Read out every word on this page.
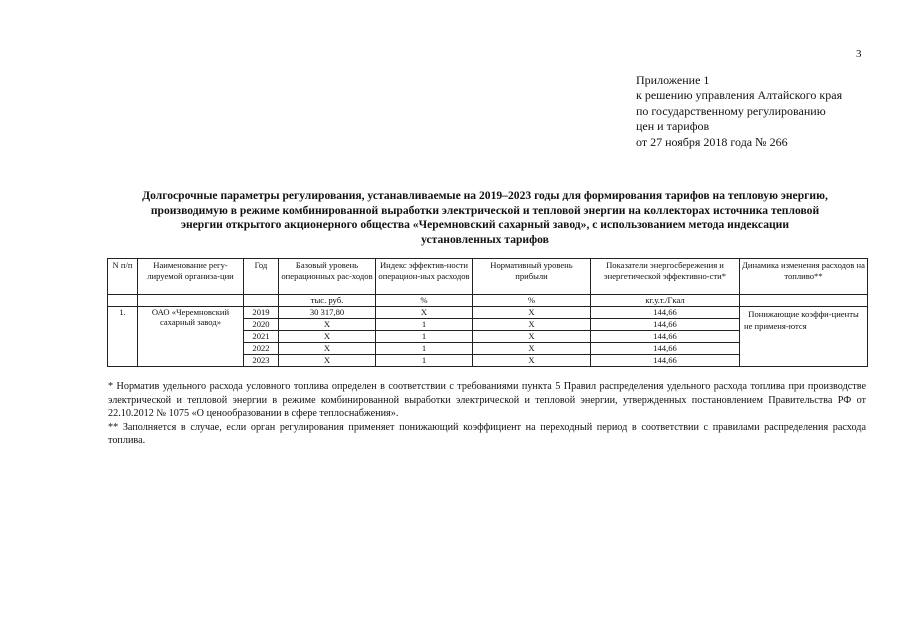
3
Приложение 1
к решению управления Алтайского края
по государственному регулированию
цен и тарифов
от 27 ноября 2018 года № 266
Долгосрочные параметры регулирования, устанавливаемые на 2019–2023 годы для формирования тарифов на тепловую энергию,
производимую в режиме комбинированной выработки электрической и тепловой энергии на коллекторах источника тепловой
энергии открытого акционерного общества «Черемновский сахарный завод», с использованием метода индексации
установленных тарифов
N п/п	Наименование регу-лируемой организа-ции	Год	Базовый уровень операционных рас-ходов	Индекс эффектив-ности операцион-ных расходов	Нормативный уровень прибыли	Показатели энергосбережения и энергетической эффективно-сти*	Динамика изменения расходов на топливо**
			тыс. руб.	%	%	кг.у.т./Гкал	
1.	ОАО «Черемновский сахарный завод»	2019	30 317,80	X	X	144,66	Понижающие коэффи-циенты не применя-ются
		2020	X	1	X	144,66	
		2021	X	1	X	144,66	
		2022	X	1	X	144,66	
		2023	X	1	X	144,66	

* Норматив удельного расхода условного топлива определен в соответствии с требованиями пункта 5 Правил распределения удельного расхода топлива при производстве электрической и тепловой энергии в режиме комбинированной выработки электрической и тепловой энергии, утвержденных постановлением Правительства РФ от 22.10.2012 № 1075 «О ценообразовании в сфере теплоснабжения».

** Заполняется в случае, если орган регулирования применяет понижающий коэффициент на переходный период в соответствии с правилами распределения расхода топлива.
